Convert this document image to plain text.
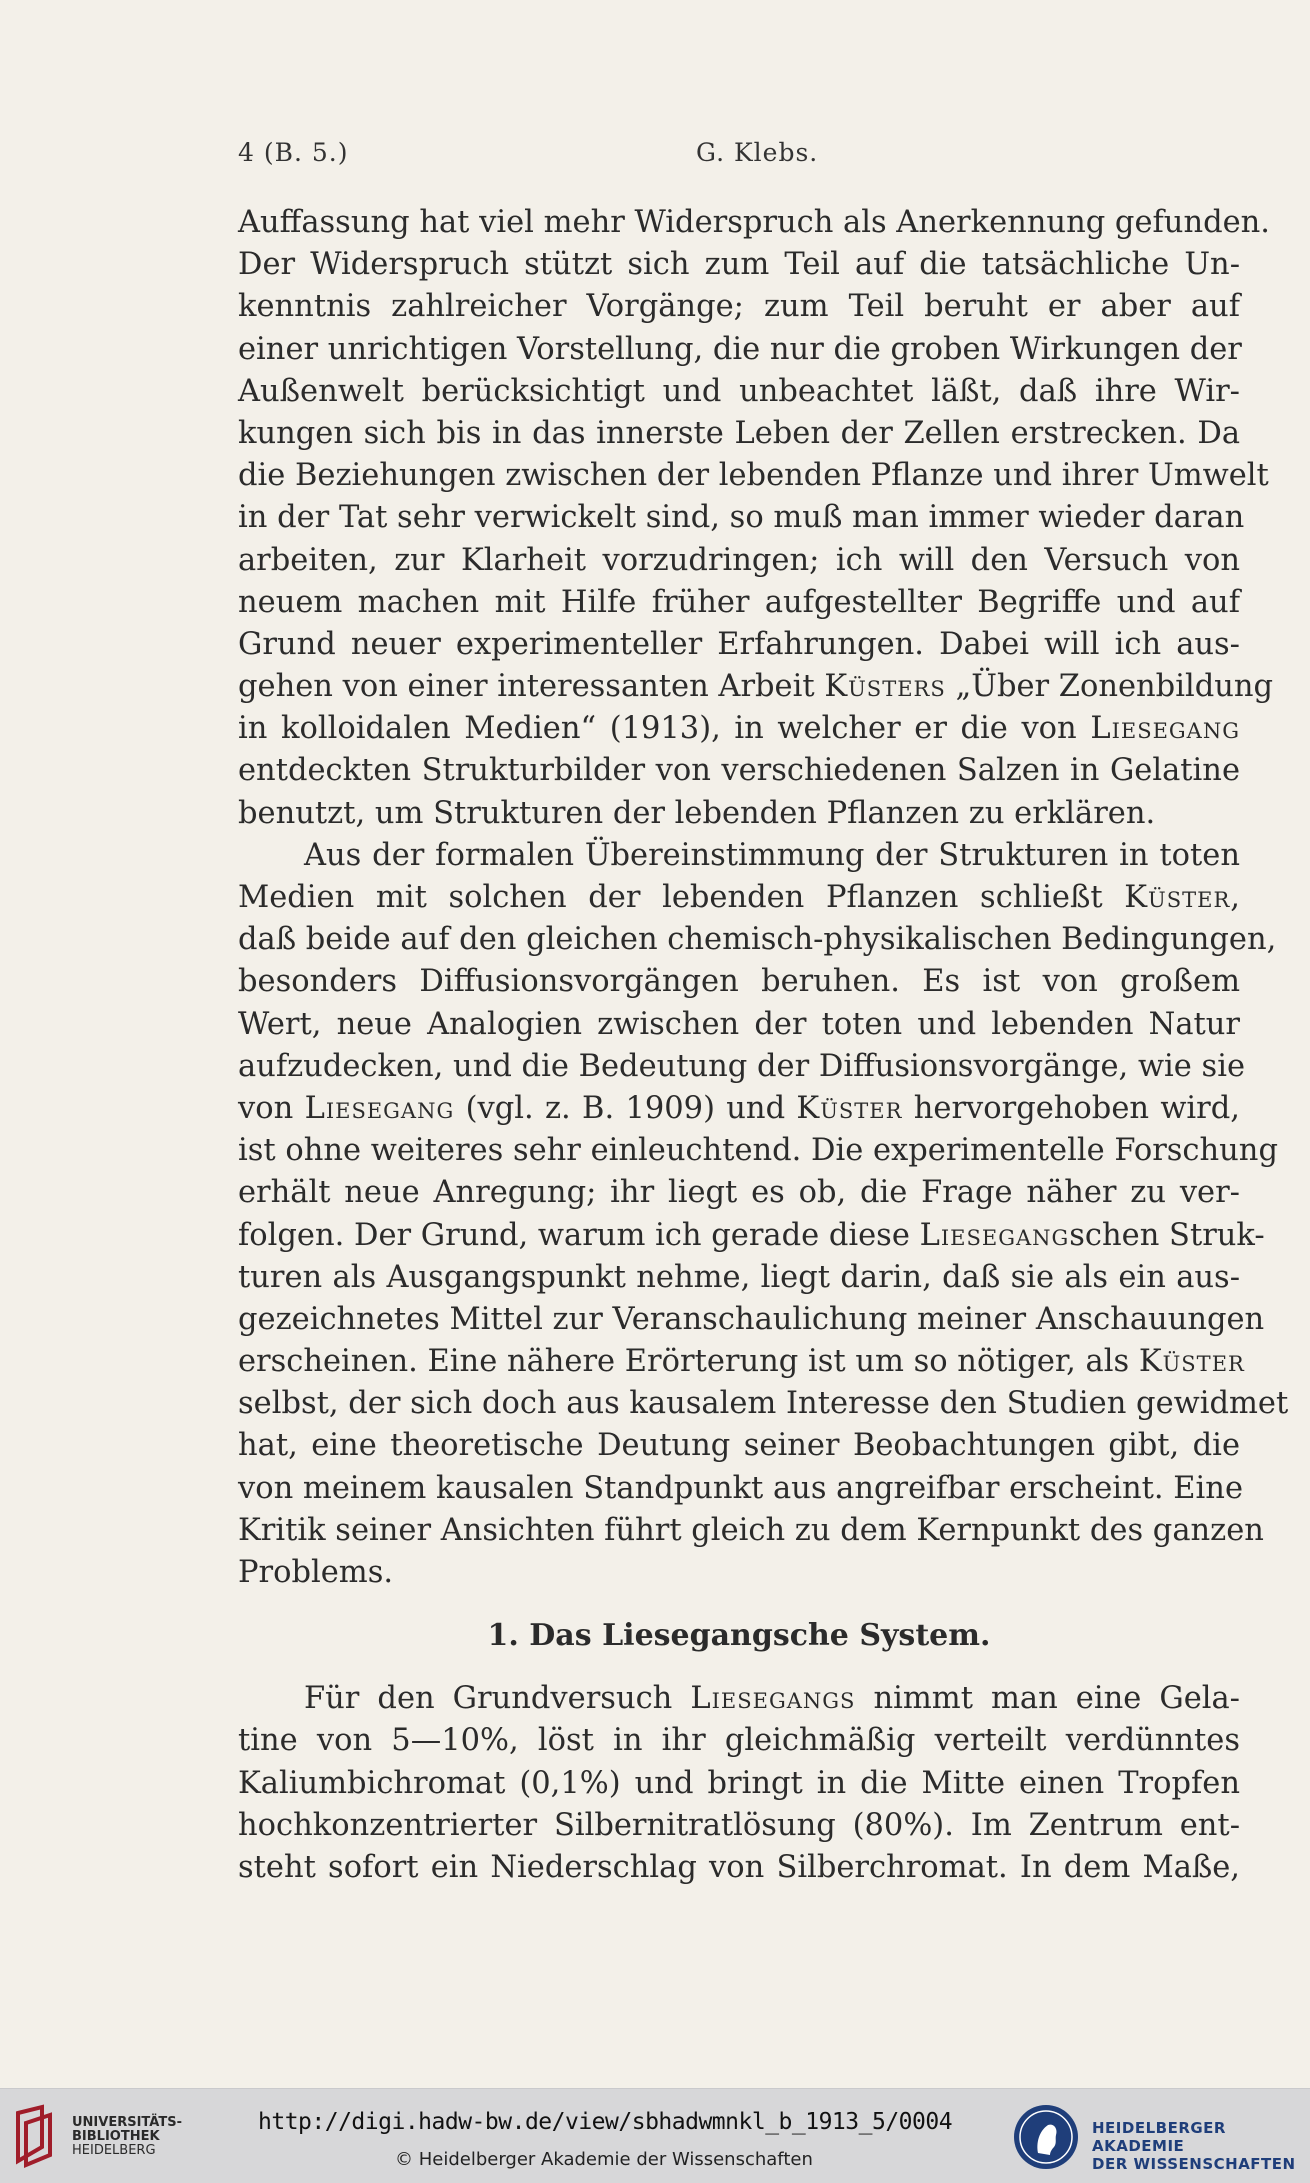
4 (B. 5.)	G. Klebs.
Auffassung hat viel mehr Widerspruch als Anerkennung gefunden.
Der Widerspruch stützt sich zum Teil auf die tatsächliche Un-
kenntnis zahlreicher Vorgänge; zum Teil beruht er aber auf
einer unrichtigen Vorstellung, die nur die groben Wirkungen der
Außenwelt berücksichtigt und unbeachtet läßt, daß ihre Wir-
kungen sich bis in das innerste Leben der Zellen erstrecken. Da
die Beziehungen zwischen der lebenden Pflanze und ihrer Umwelt
in der Tat sehr verwickelt sind, so muß man immer wieder daran
arbeiten, zur Klarheit vorzudringen; ich will den Versuch von
neuem machen mit Hilfe früher aufgestellter Begriffe und auf
Grund neuer experimenteller Erfahrungen. Dabei will ich aus-
gehen von einer interessanten Arbeit Küsters „Über Zonenbildung
in kolloidalen Medien“ (1913), in welcher er die von Liesegang
entdeckten Strukturbilder von verschiedenen Salzen in Gelatine
benutzt, um Strukturen der lebenden Pflanzen zu erklären.
Aus der formalen Übereinstimmung der Strukturen in toten
Medien mit solchen der lebenden Pflanzen schließt Küster,
daß beide auf den gleichen chemisch-physikalischen Bedingungen,
besonders Diffusionsvorgängen beruhen. Es ist von großem
Wert, neue Analogien zwischen der toten und lebenden Natur
aufzudecken, und die Bedeutung der Diffusionsvorgänge, wie sie
von Liesegang (vgl. z. B. 1909) und Küster hervorgehoben wird,
ist ohne weiteres sehr einleuchtend. Die experimentelle Forschung
erhält neue Anregung; ihr liegt es ob, die Frage näher zu ver-
folgen. Der Grund, warum ich gerade diese Liesegangschen Struk-
turen als Ausgangspunkt nehme, liegt darin, daß sie als ein aus-
gezeichnetes Mittel zur Veranschaulichung meiner Anschauungen
erscheinen. Eine nähere Erörterung ist um so nötiger, als Küster
selbst, der sich doch aus kausalem Interesse den Studien gewidmet
hat, eine theoretische Deutung seiner Beobachtungen gibt, die
von meinem kausalen Standpunkt aus angreifbar erscheint. Eine
Kritik seiner Ansichten führt gleich zu dem Kernpunkt des ganzen
Problems.
1. Das Liesegangsche System.
Für den Grundversuch Liesegangs nimmt man eine Gela-
tine von 5—10%, löst in ihr gleichmäßig verteilt verdünntes
Kaliumbichromat (0,1%) und bringt in die Mitte einen Tropfen
hochkonzentrierter Silbernitratlösung (80%). Im Zentrum ent-
steht sofort ein Niederschlag von Silberchromat. In dem Maße,
UNIVERSITÄTS-
BIBLIOTHEK
HEIDELBERG
http://digi.hadw-bw.de/view/sbhadwmnkl_b_1913_5/0004
© Heidelberger Akademie der Wissenschaften
HEIDELBERGER AKADEMIE
DER WISSENSCHAFTEN
